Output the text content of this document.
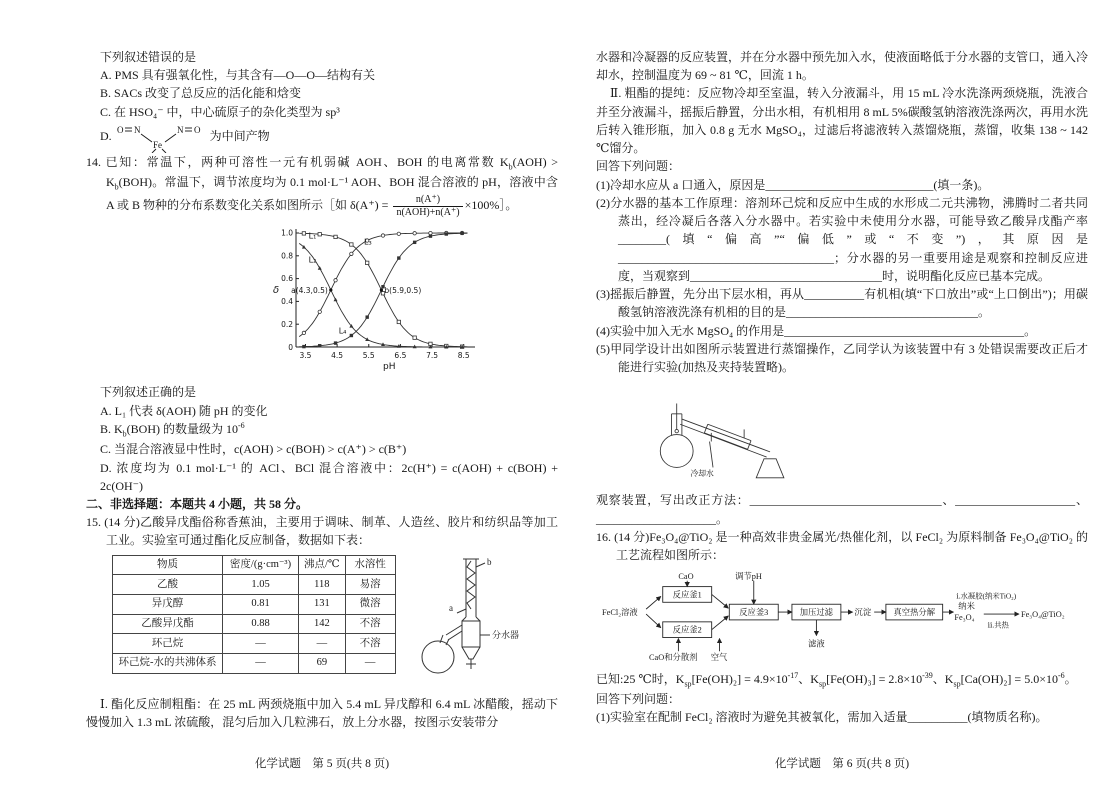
下列叙述错误的是

A. PMS 具有强氧化性，与其含有—O—O—结构有关

B. SACs 改变了总反应的活化能和焓变

C. 在 HSO₄⁻ 中，中心硫原子的杂化类型为 sp³

D. O N
Fe
N O 为中间产物

14. 已知：常温下，两种可溶性一元有机弱碱 AOH、BOH 的电离常数 $K_b(AOH) > K_b(BOH)$。常温下，调节浓度均为 0.1 mol·L⁻¹ AOH、BOH 混合溶液的 pH，溶液中含 A 或 B 物种的分布系数变化关系如图所示［如 $\delta(A^+) = \frac{n(A^+)}{\text{n(AOH)+n(A⁺)}}$ ×100%］。

3.5	4.5	5.5	6.5	7.5	8.5
0.2
0.4
0.6
0.8
1.0
0
δ
pH
L₁
L₂
L₃
L₄
a(4.3,0.5)	b(5.9,0.5)

下列叙述正确的是

A. L₁ 代表 δ(AOH) 随 pH 的变化

B. $K_b(BOH)$ 的数量级为 $10^{-6}$

C. 当混合溶液显中性时，c(AOH) > c(BOH) > c(A⁺) > c(B⁺)

D. 浓度均为 0.1 mol·L⁻¹ 的 ACl、BCl 混合溶液中：2c(H⁺) = c(AOH) + c(BOH) + 2c(OH⁻)

二、非选择题：本题共 4 小题，共 58 分。

15. (14 分)乙酸异戊酯俗称香蕉油，主要用于调味、制革、人造丝、胶片和纺织品等加工工业。实验室可通过酯化反应制备，数据如下表：

物质	密度/(g·cm⁻³)	沸点/℃	水溶性
乙酸	1.05	118	易溶
异戊醇	0.81	131	微溶
乙酸异戊酯	0.88	142	不溶
环己烷	—	—	不溶
环己烷-水的共沸体系	—	69	—
a
b
分水器

Ⅰ. 酯化反应制粗酯：在 25 mL 两颈烧瓶中加入 5.4 mL 异戊醇和 6.4 mL 冰醋酸，摇动下慢慢加入 1.3 mL 浓硫酸，混匀后加入几粒沸石，放上分水器，按图示安装带分

化学试题　第 5 页(共 8 页)

水器和冷凝器的反应装置，并在分水器中预先加入水，使液面略低于分水器的支管口，通入冷却水，控制温度为 69 ~ 81 ℃，回流 1 h。

Ⅱ. 粗酯的提纯：反应物冷却至室温，转入分液漏斗，用 15 mL 冷水洗涤两颈烧瓶，洗液合并至分液漏斗，摇振后静置，分出水相，有机相用 8 mL 5%碳酸氢钠溶液洗涤两次，再用水洗后转入锥形瓶，加入 0.8 g 无水 MgSO₄，过滤后将滤液转入蒸馏烧瓶，蒸馏，收集 138 ~ 142 ℃馏分。

回答下列问题：

(1)冷却水应从 a 口通入，原因是____________________________(填一条)。

(2)分水器的基本工作原理：溶剂环己烷和反应中生成的水形成二元共沸物，沸腾时二者共同蒸出，经冷凝后各落入分水器中。若实验中未使用分水器，可能导致乙酸异戊酯产率________(填“偏高”“偏低”或“不变”)，其原因是____________________________________；分水器的另一重要用途是观察和控制反应进度，当观察到________________________________时，说明酯化反应已基本完成。

(3)摇振后静置，先分出下层水相，再从__________有机相(填“下口放出”或“上口倒出”)；用碳酸氢钠溶液洗涤有机相的目的是________________________________。

(4)实验中加入无水 MgSO₄ 的作用是________________________________________。

(5)甲同学设计出如图所示装置进行蒸馏操作，乙同学认为该装置中有 3 处错误需要改正后才能进行实验(加热及夹持装置略)。

冷却水

观察装置，写出改正方法：________________________________、____________________、____________________。

16. (14 分)Fe₃O₄@TiO₂ 是一种高效非贵金属光/热催化剂，以 FeCl₂ 为原料制备 Fe₃O₄@TiO₂ 的工艺流程如图所示：

FeCl₂溶液
CaO
反应釜1
反应釜2
CaO和分散剂 空气
调节pH
反应釜3	加压过滤
滤液
沉淀	真空热分解
纳米
Fe₃O₄
ⅰ.水凝胶(纳米TiO₂)
ⅱ.共热
Fe₃O₄@TiO₂

已知:25 ℃时，$K_{sp}[Fe(OH)_2] = 4.9\times 10^{-17}$、$K_{sp}[Fe(OH)_3] = 2.8\times 10^{-39}$、$K_{sp}[Ca(OH)_2] = 5.0\times 10^{-6}$。

回答下列问题：

(1)实验室在配制 FeCl₂ 溶液时为避免其被氧化，需加入适量__________(填物质名称)。

化学试题　第 6 页(共 8 页)
